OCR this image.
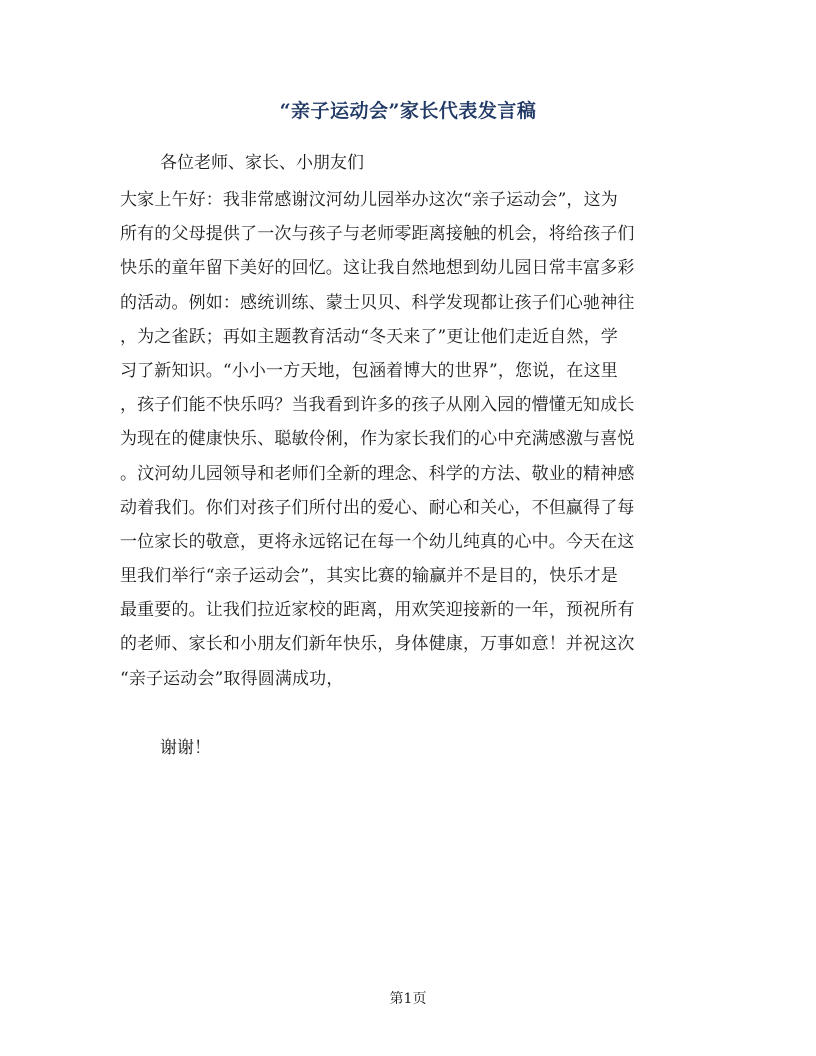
“亲子运动会”家长代表发言稿
各位老师、家长、小朋友们
大家上午好：我非常感谢汶河幼儿园举办这次“亲子运动会”，这为
所有的父母提供了一次与孩子与老师零距离接触的机会，将给孩子们
快乐的童年留下美好的回忆。这让我自然地想到幼儿园日常丰富多彩
的活动。例如：感统训练、蒙士贝贝、科学发现都让孩子们心驰神往
，为之雀跃；再如主题教育活动“冬天来了”更让他们走近自然，学
习了新知识。“小小一方天地，包涵着博大的世界”，您说，在这里
，孩子们能不快乐吗？当我看到许多的孩子从刚入园的懵懂无知成长
为现在的健康快乐、聪敏伶俐，作为家长我们的心中充满感激与喜悦
。汶河幼儿园领导和老师们全新的理念、科学的方法、敬业的精神感
动着我们。你们对孩子们所付出的爱心、耐心和关心，不但赢得了每
一位家长的敬意，更将永远铭记在每一个幼儿纯真的心中。今天在这
里我们举行“亲子运动会”，其实比赛的输赢并不是目的，快乐才是
最重要的。让我们拉近家校的距离，用欢笑迎接新的一年，预祝所有
的老师、家长和小朋友们新年快乐，身体健康，万事如意！并祝这次
“亲子运动会”取得圆满成功，
谢谢！
第1页
